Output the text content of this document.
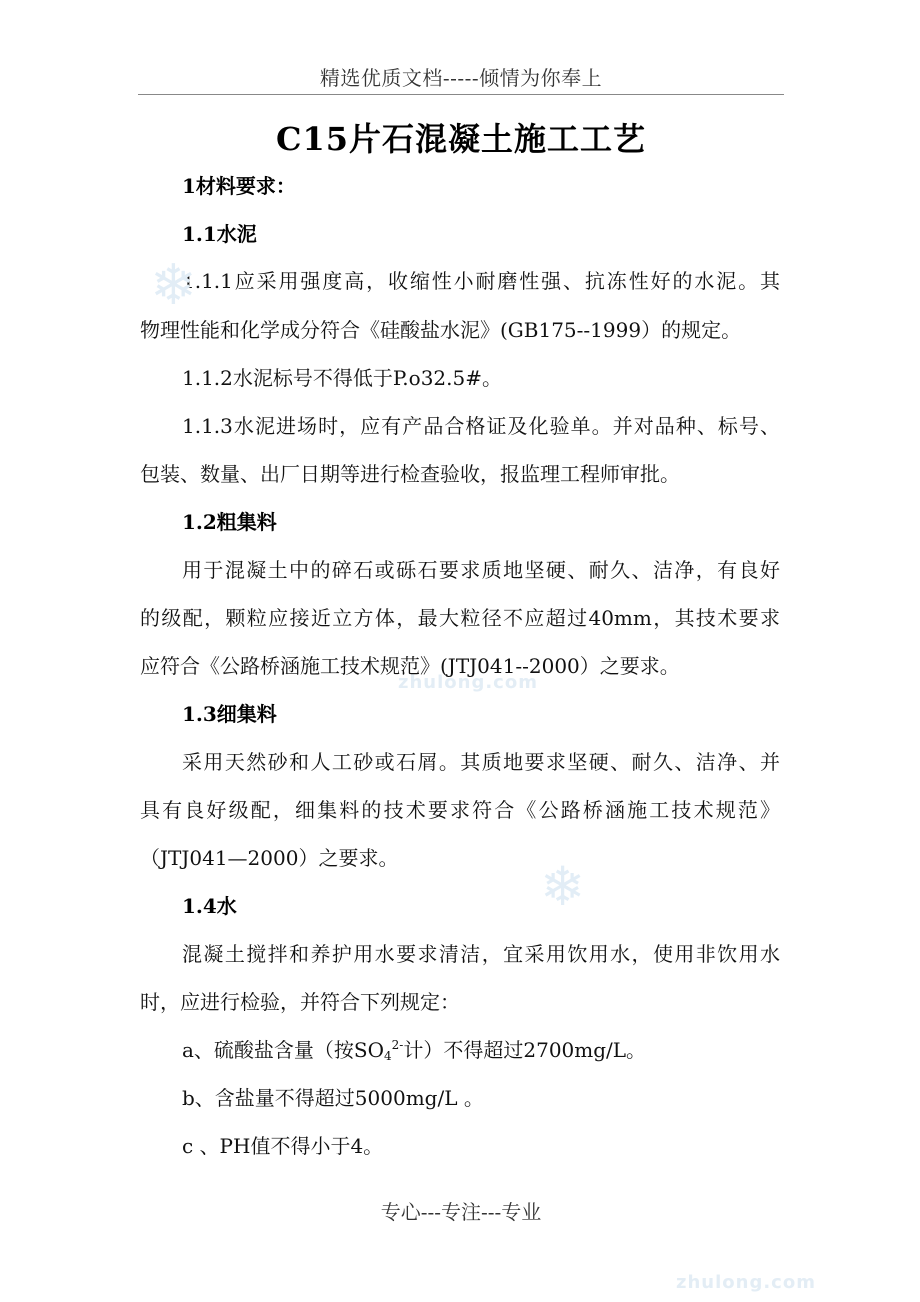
精选优质文档-----倾情为你奉上
C15片石混凝土施工工艺
1材料要求：
1.1水泥
1.1.1应采用强度高，收缩性小耐磨性强、抗冻性好的水泥。其
物理性能和化学成分符合《硅酸盐水泥》(GB175--1999）的规定。
1.1.2水泥标号不得低于P.o32.5#。
1.1.3水泥进场时，应有产品合格证及化验单。并对品种、标号、
包装、数量、出厂日期等进行检查验收，报监理工程师审批。
1.2粗集料
用于混凝土中的碎石或砾石要求质地坚硬、耐久、洁净，有良好
的级配，颗粒应接近立方体，最大粒径不应超过40mm，其技术要求
应符合《公路桥涵施工技术规范》(JTJ041--2000）之要求。
1.3细集料
采用天然砂和人工砂或石屑。其质地要求坚硬、耐久、洁净、并
具有良好级配，细集料的技术要求符合《公路桥涵施工技术规范》
（JTJ041—2000）之要求。
1.4水
混凝土搅拌和养护用水要求清洁，宜采用饮用水，使用非饮用水
时，应进行检验，并符合下列规定：
a、硫酸盐含量（按$SO_4^{2-}$计）不得超过2700mg/L。
b、含盐量不得超过5000mg/L 。
c 、PH值不得小于4。
专心---专注---专业
❄
❄
zhulong.com
zhulong.com
